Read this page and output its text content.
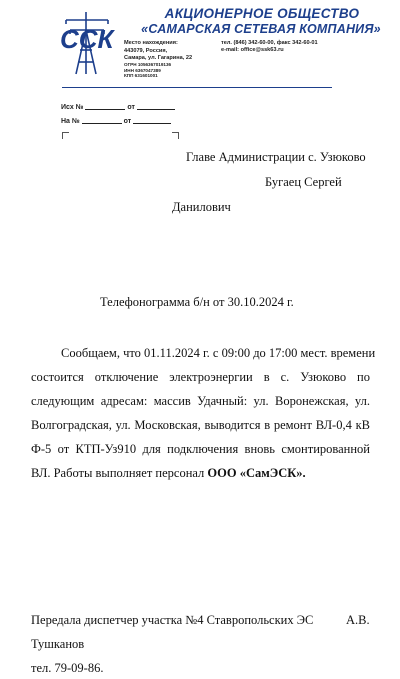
ССК
АКЦИОНЕРНОЕ ОБЩЕСТВО
«САМАРСКАЯ СЕТЕВАЯ КОМПАНИЯ»
Место нахождения:
443079, Россия,
Самара, ул. Гагарина, 22
ОГРН 1056367019136
ИНН 6367047389
КПП 631601001
тел. (846) 342-60-00, факс 342-60-01
e-mail: office@ssk63.ru
Исх №	от
На №	от
Главе Администрации с. Узюково
Бугаец Сергей
Данилович
Телефонограмма б/н от 30.10.2024 г.
Сообщаем, что 01.11.2024 г. с 09:00 до 17:00 мест. времени
состоится отключение электроэнергии в с. Узюково по
следующим адресам: массив Удачный: ул. Воронежская, ул.
Волгоградская, ул. Московская, выводится в ремонт ВЛ-0,4 кВ
Ф-5 от КТП-Уз910 для подключения вновь смонтированной
ВЛ. Работы выполняет персонал ООО «СамЭСК».
Передала диспетчер участка №4 Ставропольских ЭС	А.В.
Тушканов
тел. 79-09-86.
